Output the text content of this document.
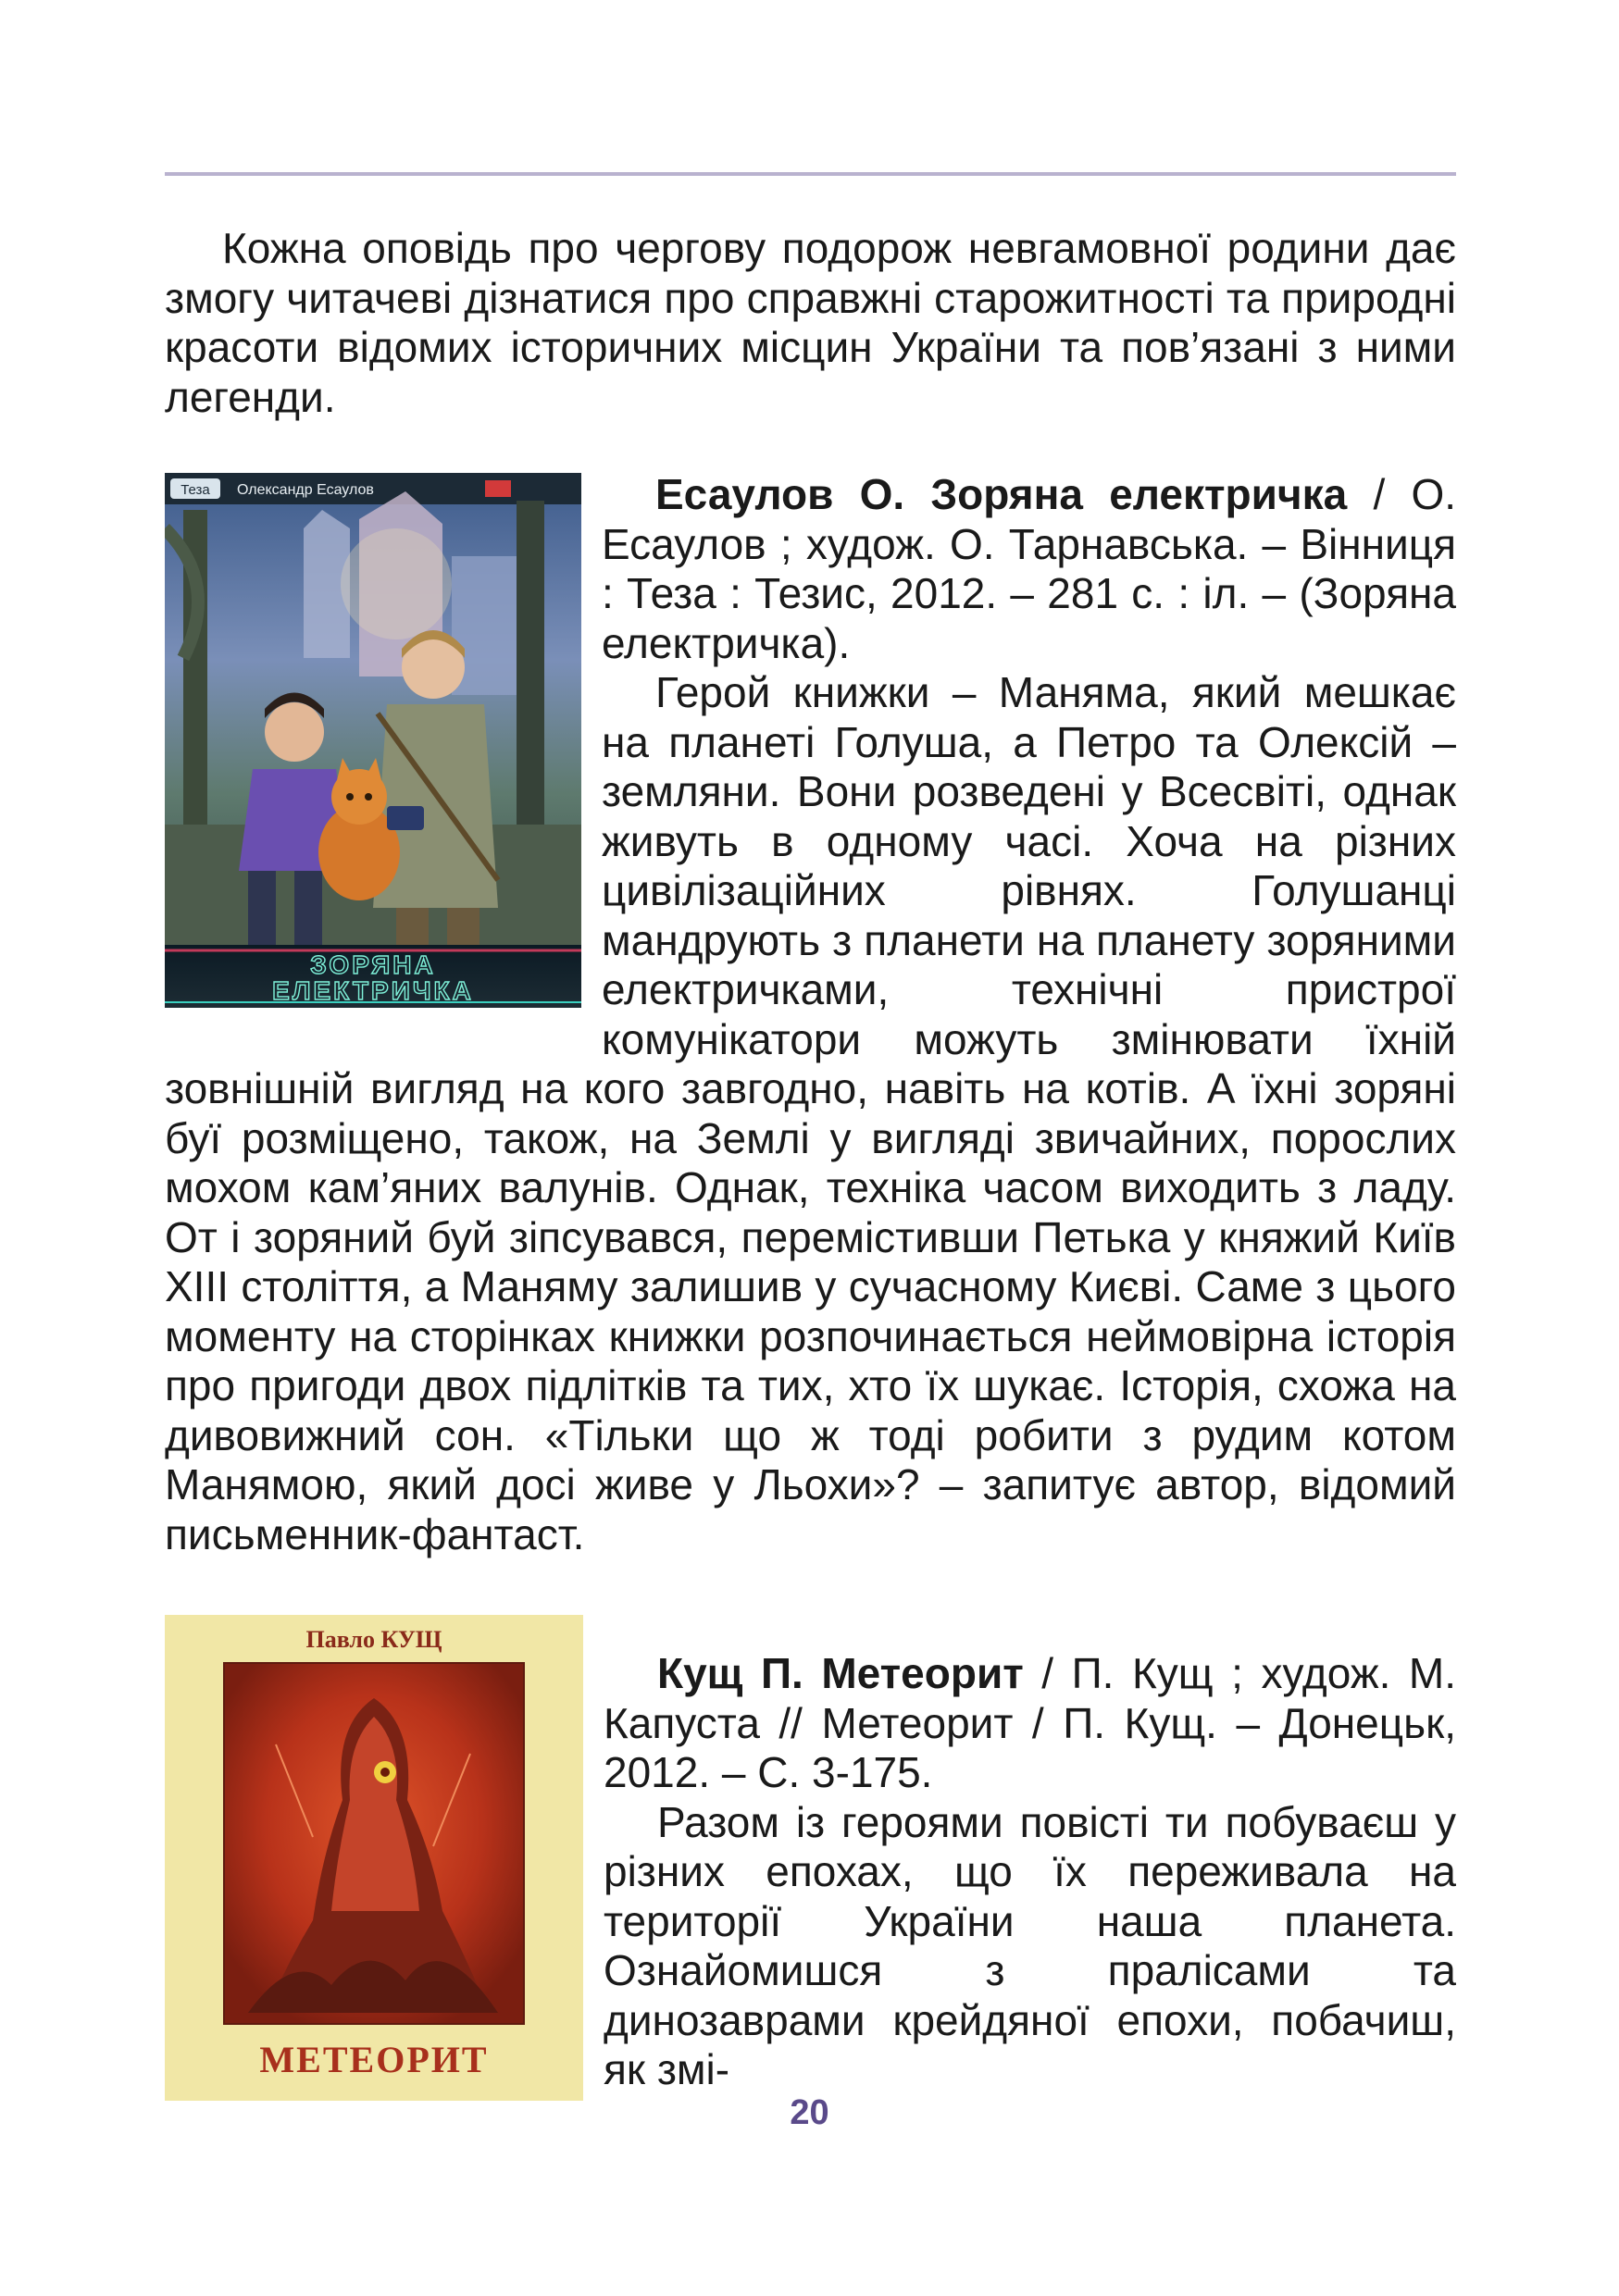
Кожна оповідь про чергову подорож невгамовної родини дає змогу читачеві дізнатися про справжні старожитності та природні красоти відомих історичних місцин України та пов’язані з ними легенди.

Теза Олександр Есаулов
ЗОРЯНА
ЕЛЕКТРИЧКА

Есаулов О. Зоряна електричка / О. Есаулов ; худож. О. Тарнавська. – Вінниця : Теза : Тезис, 2012. – 281 с. : іл. – (Зоряна електричка).

Герой книжки – Маняма, який мешкає на планеті Голуша, а Петро та Олексій – земляни. Вони розведені у Всесвіті, однак живуть в одному часі. Хоча на різних цивілізаційних рівнях. Голушанці мандрують з планети на планету зоряними електричками, технічні пристрої комунікатори можуть змінювати їхній зовнішній вигляд на кого завгодно, навіть на котів. А їхні зоряні буї розміщено, також, на Землі у вигляді звичайних, порослих мохом кам’яних валунів. Однак, техніка часом виходить з ладу. От і зоряний буй зіпсувався, перемістивши Петька у княжий Київ XIII століття, а Маняму залишив у сучасному Києві. Саме з цього моменту на сторінках книжки розпочинається неймовірна історія про пригоди двох підлітків та тих, хто їх шукає. Історія, схожа на дивовижний сон. «Тільки що ж тоді робити з рудим котом Манямою, який досі живе у Льохи»? – запитує автор, відомий письменник-фантаст.

Павло КУЩ
МЕТЕОРИТ

Кущ П. Метеорит / П. Кущ ; худож. М. Капуста // Метеорит / П. Кущ. – Донецьк, 2012. – С. 3-175.

Разом із героями повісті ти побуваєш у різних епохах, що їх переживала на території України наша планета. Ознайомишся з пралісами та динозаврами крейдяної епохи, побачиш, як змі-

20
